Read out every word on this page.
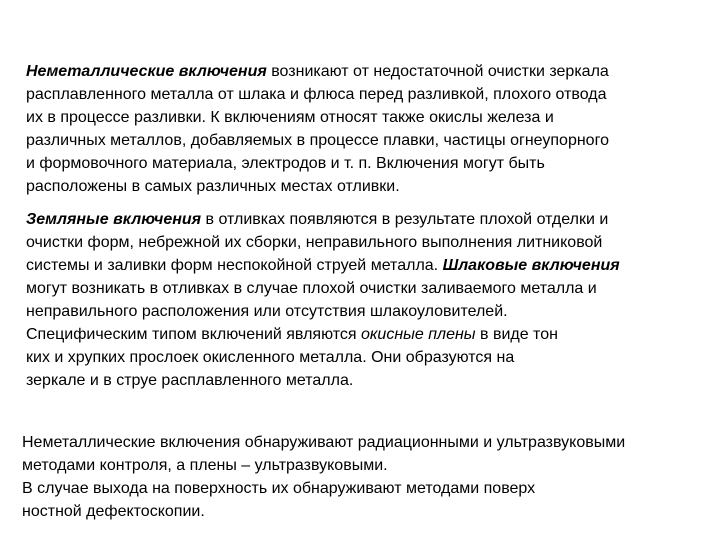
Неметаллические включения возникают от недостаточной очистки зеркала
расплавленного металла от шлака и флюса перед разливкой, плохого отвода
их в процессе разливки. К включениям относят также окислы железа и
различных металлов, добавляемых в процессе плавки, частицы огнеупорного
и формовочного материала, электродов и т. п. Включения могут быть
расположены в самых различных местах отливки.
Земляные включения в отливках появляются в результате плохой отделки и
очистки форм, небрежной их сборки, неправильного выполнения литниковой
системы и заливки форм неспокойной струей металла. Шлаковые включения
могут возникать в отливках в случае плохой очистки заливаемого металла и
неправильного расположения или отсутствия шлакоуловителей.
Специфическим типом включений являются окисные плены в виде тон
ких и хрупких прослоек окисленного металла. Они образуются на
зеркале и в струе расплавленного металла.
Неметаллические включения обнаруживают радиационными и ультразвуковыми
методами контроля, а плены – ультразвуковыми.
В случае выхода на поверхность их обнаруживают методами поверх
ностной дефектоскопии.
